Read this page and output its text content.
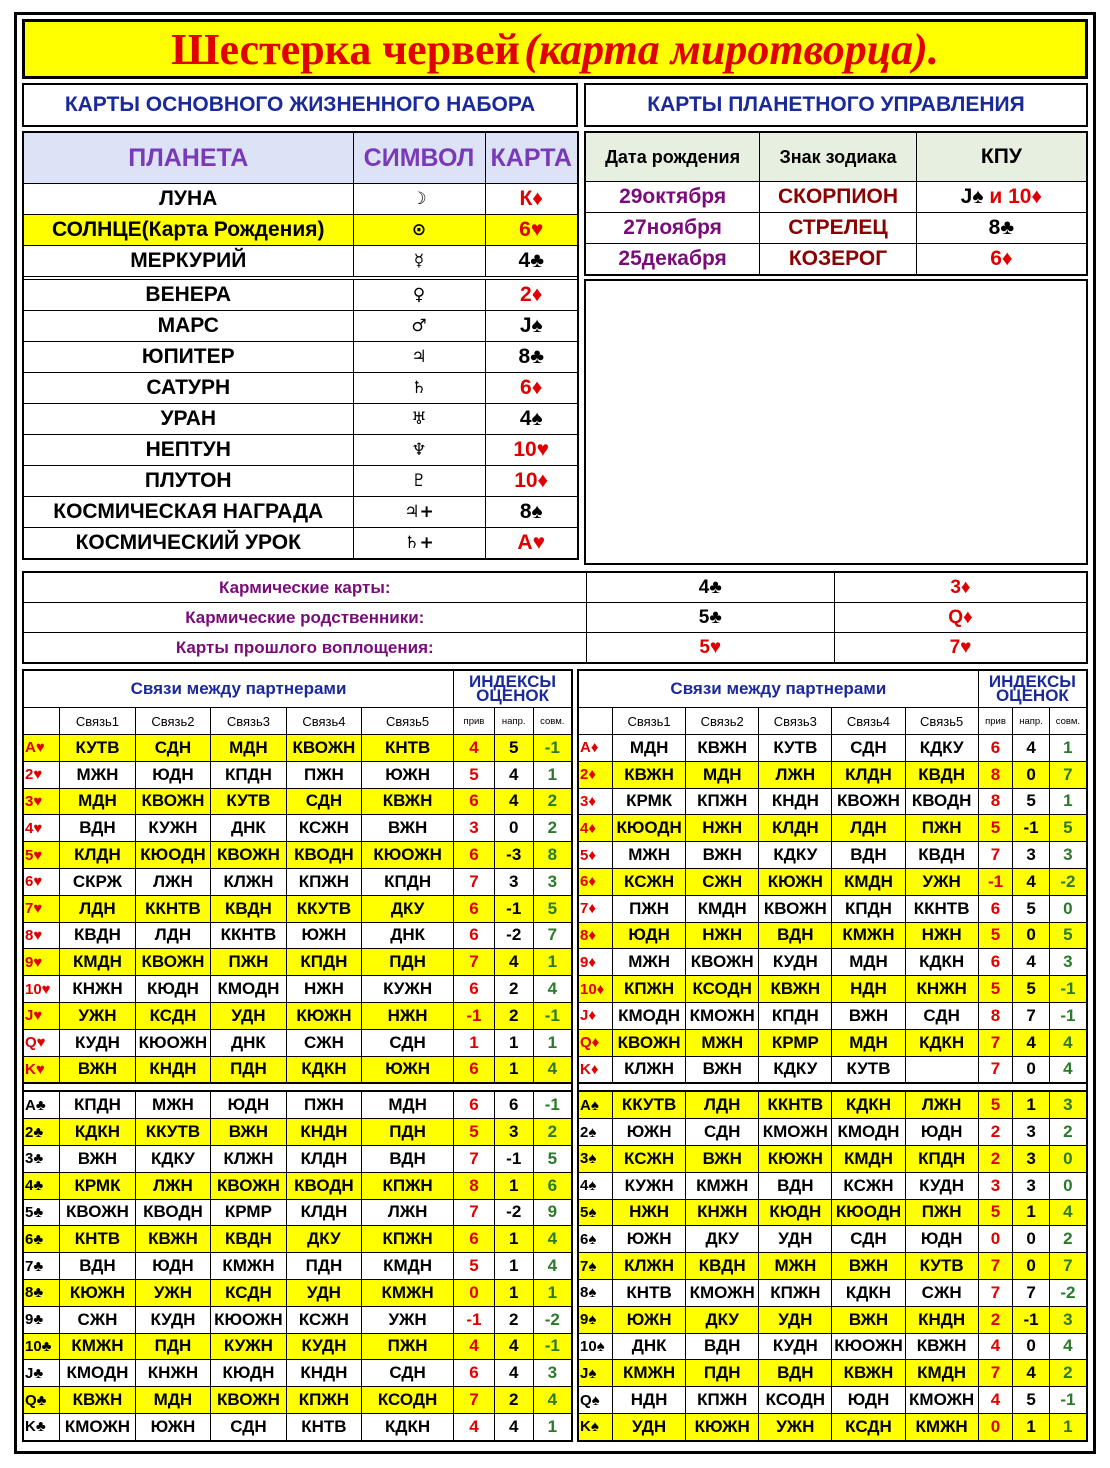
Шестерка червей
(карта миротворца).
КАРТЫ ОСНОВНОГО ЖИЗНЕННОГО НАБОРА	КАРТЫ ПЛАНЕТНОГО УПРАВЛЕНИЯ
ПЛАНЕТА	СИМВОЛ	КАРТА
ЛУНА	☽	К♦
СОЛНЦЕ(Карта Рождения)	⊙	6♥
МЕРКУРИЙ	☿	4♣

ВЕНЕРА	♀	2♦
МАРС	♂	J♠
ЮПИТЕР	♃	8♣
САТУРН	♄	6♦
УРАН	♅	4♠
НЕПТУН	♆	10♥
ПЛУТОН	♇	10♦
КОСМИЧЕСКАЯ НАГРАДА	♃+	8♠
КОСМИЧЕСКИЙ УРОК	♄+	А♥
Дата рождения	Знак зодиака	КПУ
29октября	СКОРПИОН	J♠ и 10♦
27ноября	СТРЕЛЕЦ	8♣
25декабря	КОЗЕРОГ	6♦
Кармические карты:	4♣	3♦
Кармические родственники:	5♣	Q♦
Карты прошлого воплощения:	5♥	7♥
Связи между партнерами						ИНДЕКСЫ ОЦЕНОК		
	Связь1	Связь2	Связь3	Связь4	Связь5	прив	напр.	совм.
А♥	КУТВ	СДН	МДН	КВОЖН	КНТВ	4	5	-1
2♥	МЖН	ЮДН	КПДН	ПЖН	ЮЖН	5	4	1
3♥	МДН	КВОЖН	КУТВ	СДН	КВЖН	6	4	2
4♥	ВДН	КУЖН	ДНК	КСЖН	ВЖН	3	0	2
5♥	КЛДН	КЮОДН	КВОЖН	КВОДН	КЮОЖН	6	-3	8
6♥	СКРЖ	ЛЖН	КЛЖН	КПЖН	КПДН	7	3	3
7♥	ЛДН	ККНТВ	КВДН	ККУТВ	ДКУ	6	-1	5
8♥	КВДН	ЛДН	ККНТВ	ЮЖН	ДНК	6	-2	7
9♥	КМДН	КВОЖН	ПЖН	КПДН	ПДН	7	4	1
10♥	КНЖН	КЮДН	КМОДН	НЖН	КУЖН	6	2	4
J♥	УЖН	КСДН	УДН	КЮЖН	НЖН	-1	2	-1
Q♥	КУДН	КЮОЖН	ДНК	СЖН	СДН	1	1	1
K♥	ВЖН	КНДН	ПДН	КДКН	ЮЖН	6	1	4

А♣	КПДН	МЖН	ЮДН	ПЖН	МДН	6	6	-1
2♣	КДКН	ККУТВ	ВЖН	КНДН	ПДН	5	3	2
3♣	ВЖН	КДКУ	КЛЖН	КЛДН	ВДН	7	-1	5
4♣	КРМК	ЛЖН	КВОЖН	КВОДН	КПЖН	8	1	6
5♣	КВОЖН	КВОДН	КРМР	КЛДН	ЛЖН	7	-2	9
6♣	КНТВ	КВЖН	КВДН	ДКУ	КПЖН	6	1	4
7♣	ВДН	ЮДН	КМЖН	ПДН	КМДН	5	1	4
8♣	КЮЖН	УЖН	КСДН	УДН	КМЖН	0	1	1
9♣	СЖН	КУДН	КЮОЖН	КСЖН	УЖН	-1	2	-2
10♣	КМЖН	ПДН	КУЖН	КУДН	ПЖН	4	4	-1
J♣	КМОДН	КНЖН	КЮДН	КНДН	СДН	6	4	3
Q♣	КВЖН	МДН	КВОЖН	КПЖН	КСОДН	7	2	4
K♣	КМОЖН	ЮЖН	СДН	КНТВ	КДКН	4	4	1
Связи между партнерами						ИНДЕКСЫ ОЦЕНОК		
	Связь1	Связь2	Связь3	Связь4	Связь5	прив	напр.	совм.
А♦	МДН	КВЖН	КУТВ	СДН	КДКУ	6	4	1
2♦	КВЖН	МДН	ЛЖН	КЛДН	КВДН	8	0	7
3♦	КРМК	КПЖН	КНДН	КВОЖН	КВОДН	8	5	1
4♦	КЮОДН	НЖН	КЛДН	ЛДН	ПЖН	5	-1	5
5♦	МЖН	ВЖН	КДКУ	ВДН	КВДН	7	3	3
6♦	КСЖН	СЖН	КЮЖН	КМДН	УЖН	-1	4	-2
7♦	ПЖН	КМДН	КВОЖН	КПДН	ККНТВ	6	5	0
8♦	ЮДН	НЖН	ВДН	КМЖН	НЖН	5	0	5
9♦	МЖН	КВОЖН	КУДН	МДН	КДКН	6	4	3
10♦	КПЖН	КСОДН	КВЖН	НДН	КНЖН	5	5	-1
J♦	КМОДН	КМОЖН	КПДН	ВЖН	СДН	8	7	-1
Q♦	КВОЖН	МЖН	КРМР	МДН	КДКН	7	4	4
K♦	КЛЖН	ВЖН	КДКУ	КУТВ		7	0	4

А♠	ККУТВ	ЛДН	ККНТВ	КДКН	ЛЖН	5	1	3
2♠	ЮЖН	СДН	КМОЖН	КМОДН	ЮДН	2	3	2
3♠	КСЖН	ВЖН	КЮЖН	КМДН	КПДН	2	3	0
4♠	КУЖН	КМЖН	ВДН	КСЖН	КУДН	3	3	0
5♠	НЖН	КНЖН	КЮДН	КЮОДН	ПЖН	5	1	4
6♠	ЮЖН	ДКУ	УДН	СДН	ЮДН	0	0	2
7♠	КЛЖН	КВДН	МЖН	ВЖН	КУТВ	7	0	7
8♠	КНТВ	КМОЖН	КПЖН	КДКН	СЖН	7	7	-2
9♠	ЮЖН	ДКУ	УДН	ВЖН	КНДН	2	-1	3
10♠	ДНК	ВДН	КУДН	КЮОЖН	КВЖН	4	0	4
J♠	КМЖН	ПДН	ВДН	КВЖН	КМДН	7	4	2
Q♠	НДН	КПЖН	КСОДН	ЮДН	КМОЖН	4	5	-1
K♠	УДН	КЮЖН	УЖН	КСДН	КМЖН	0	1	1
